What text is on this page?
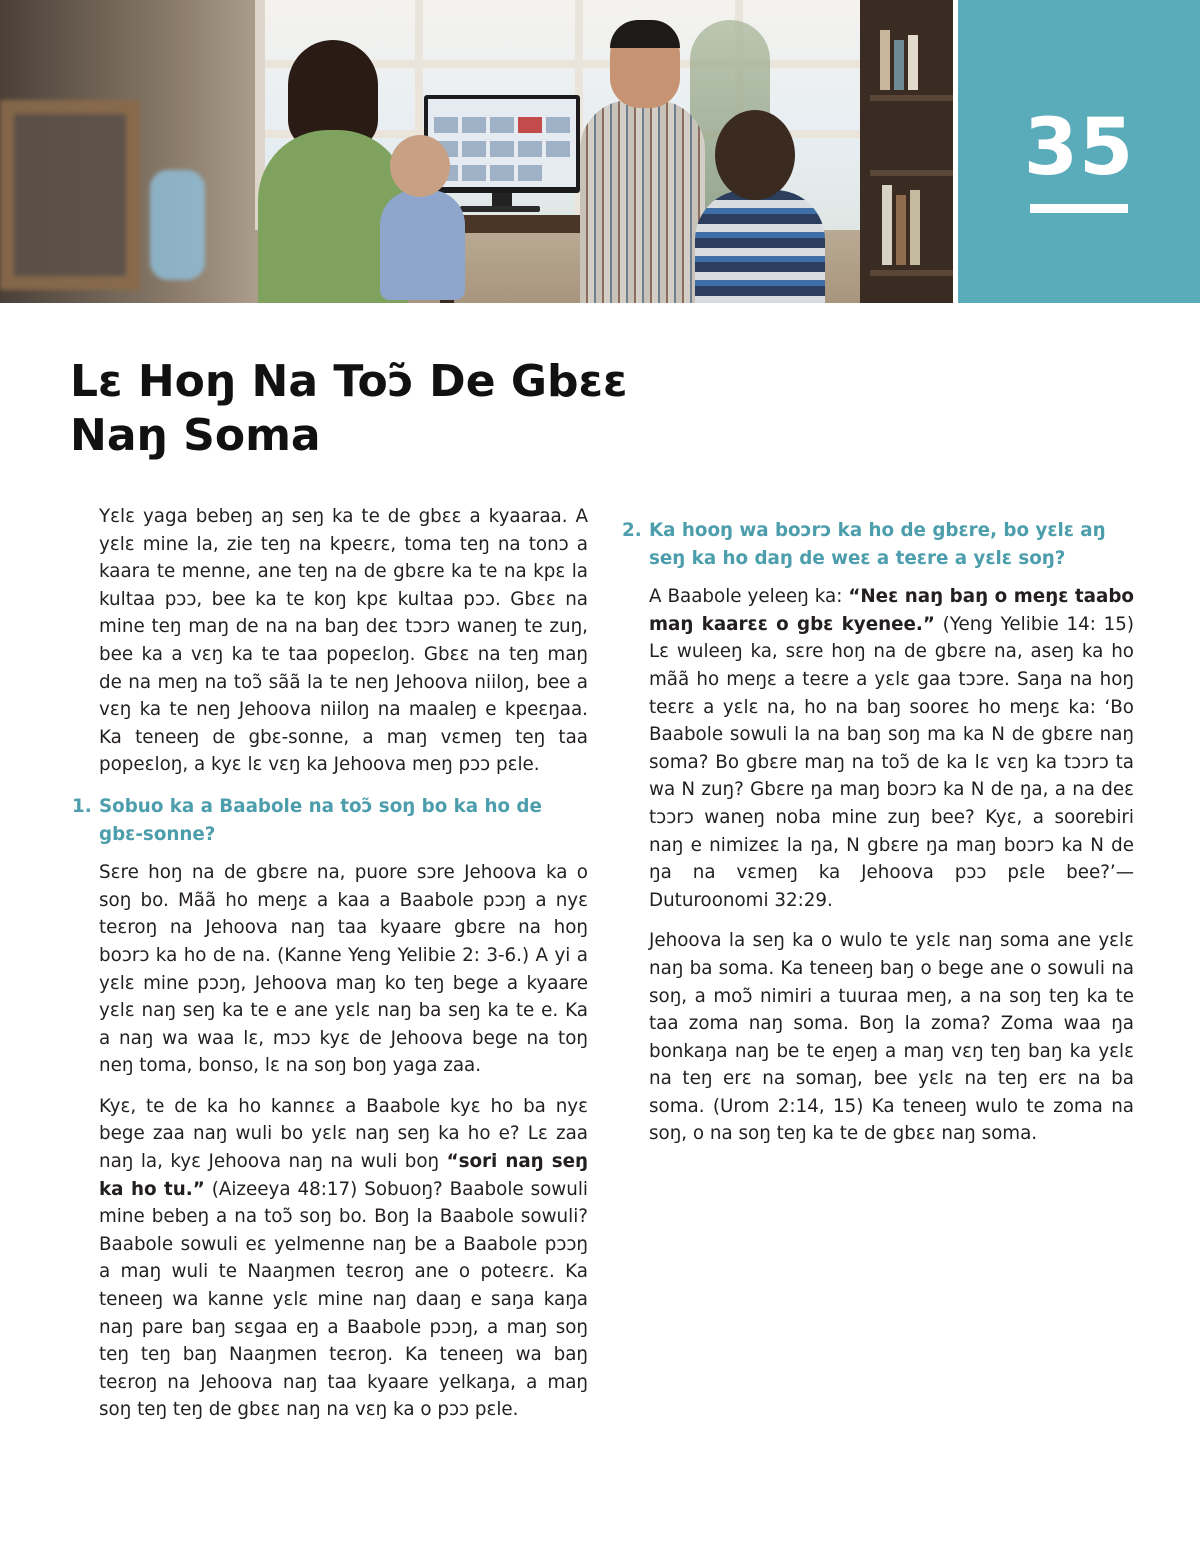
35
Lɛ Hoŋ Na Toɔ̃ De Gbɛɛ Naŋ Soma

Yɛlɛ yaga bebeŋ aŋ seŋ ka te de gbɛɛ a kyaaraa. A yɛlɛ mine la, zie teŋ na kpeɛrɛ, toma teŋ na tonɔ a kaara te menne, ane teŋ na de gbɛre ka te na kpɛ la kultaa pɔɔ, bee ka te koŋ kpɛ kultaa pɔɔ. Gbɛɛ na mine teŋ maŋ de na na baŋ deɛ tɔɔrɔ waneŋ te zuŋ, bee ka a vɛŋ ka te taa popeɛloŋ. Gbɛɛ na teŋ maŋ de na meŋ na toɔ̃ sãã la te neŋ Jehoova niiloŋ, bee a vɛŋ ka te neŋ Jehoova niiloŋ na maaleŋ e kpeɛŋaa. Ka teneeŋ de gbɛ-sonne, a maŋ vɛmeŋ teŋ taa popeɛloŋ, a kyɛ lɛ vɛŋ ka Jehoova meŋ pɔɔ pɛle.

1. Sobuo ka a Baabole na toɔ̃ soŋ bo ka ho de gbɛ-sonne?

Sɛre hoŋ na de gbɛre na, puore sɔre Jehoova ka o soŋ bo. Mãã ho meŋɛ a kaa a Baabole pɔɔŋ a nyɛ teɛroŋ na Jehoova naŋ taa kyaare gbɛre na hoŋ boɔrɔ ka ho de na. (Kanne Yeng Yelibie 2: 3-6.) A yi a yɛlɛ mine pɔɔŋ, Jehoova maŋ ko teŋ bege a kyaare yɛlɛ naŋ seŋ ka te e ane yɛlɛ naŋ ba seŋ ka te e. Ka a naŋ wa waa lɛ, mɔɔ kyɛ de Jehoova bege na toŋ neŋ toma, bonso, lɛ na soŋ boŋ yaga zaa.

Kyɛ, te de ka ho kannɛɛ a Baabole kyɛ ho ba nyɛ bege zaa naŋ wuli bo yɛlɛ naŋ seŋ ka ho e? Lɛ zaa naŋ la, kyɛ Jehoova naŋ na wuli boŋ “sori naŋ seŋ ka ho tu.” (Aizeeya 48:17) Sobuoŋ? Baabole sowuli mine bebeŋ a na toɔ̃ soŋ bo. Boŋ la Baabole sowuli? Baabole sowuli eɛ yelmenne naŋ be a Baabole pɔɔŋ a maŋ wuli te Naaŋmen teɛroŋ ane o poteɛrɛ. Ka teneeŋ wa kanne yɛlɛ mine naŋ daaŋ e saŋa kaŋa naŋ pare baŋ sɛgaa eŋ a Baabole pɔɔŋ, a maŋ soŋ teŋ teŋ baŋ Naaŋmen teɛroŋ. Ka teneeŋ wa baŋ teɛroŋ na Jehoova naŋ taa kyaare yelkaŋa, a maŋ soŋ teŋ teŋ de gbɛɛ naŋ na vɛŋ ka o pɔɔ pɛle.

2. Ka hooŋ wa boɔrɔ ka ho de gbɛre, bo yɛlɛ aŋ seŋ ka ho daŋ de weɛ a teɛre a yɛlɛ soŋ?

A Baabole yeleeŋ ka: “Neɛ naŋ baŋ o meŋɛ taabo maŋ kaarɛɛ o gbɛ kyenee.” (Yeng Yelibie 14: 15) Lɛ wuleeŋ ka, sɛre hoŋ na de gbɛre na, aseŋ ka ho mãã ho meŋɛ a teɛre a yɛlɛ gaa tɔɔre. Saŋa na hoŋ teɛrɛ a yɛlɛ na, ho na baŋ sooreɛ ho meŋɛ ka: ‘Bo Baabole sowuli la na baŋ soŋ ma ka N de gbɛre naŋ soma? Bo gbɛre maŋ na toɔ̃ de ka lɛ vɛŋ ka tɔɔrɔ ta wa N zuŋ? Gbɛre ŋa maŋ boɔrɔ ka N de ŋa, a na deɛ tɔɔrɔ waneŋ noba mine zuŋ bee? Kyɛ, a soorebiri naŋ e nimizeɛ la ŋa, N gbɛre ŋa maŋ boɔrɔ ka N de ŋa na vɛmeŋ ka Jehoova pɔɔ pɛle bee?’—Duturoonomi 32:29.

Jehoova la seŋ ka o wulo te yɛlɛ naŋ soma ane yɛlɛ naŋ ba soma. Ka teneeŋ baŋ o bege ane o sowuli na soŋ, a moɔ̃ nimiri a tuuraa meŋ, a na soŋ teŋ ka te taa zoma naŋ soma. Boŋ la zoma? Zoma waa ŋa bonkaŋa naŋ be te eŋeŋ a maŋ vɛŋ teŋ baŋ ka yɛlɛ na teŋ erɛ na somaŋ, bee yɛlɛ na teŋ erɛ na ba soma. (Urom 2:14, 15) Ka teneeŋ wulo te zoma na soŋ, o na soŋ teŋ ka te de gbɛɛ naŋ soma.
